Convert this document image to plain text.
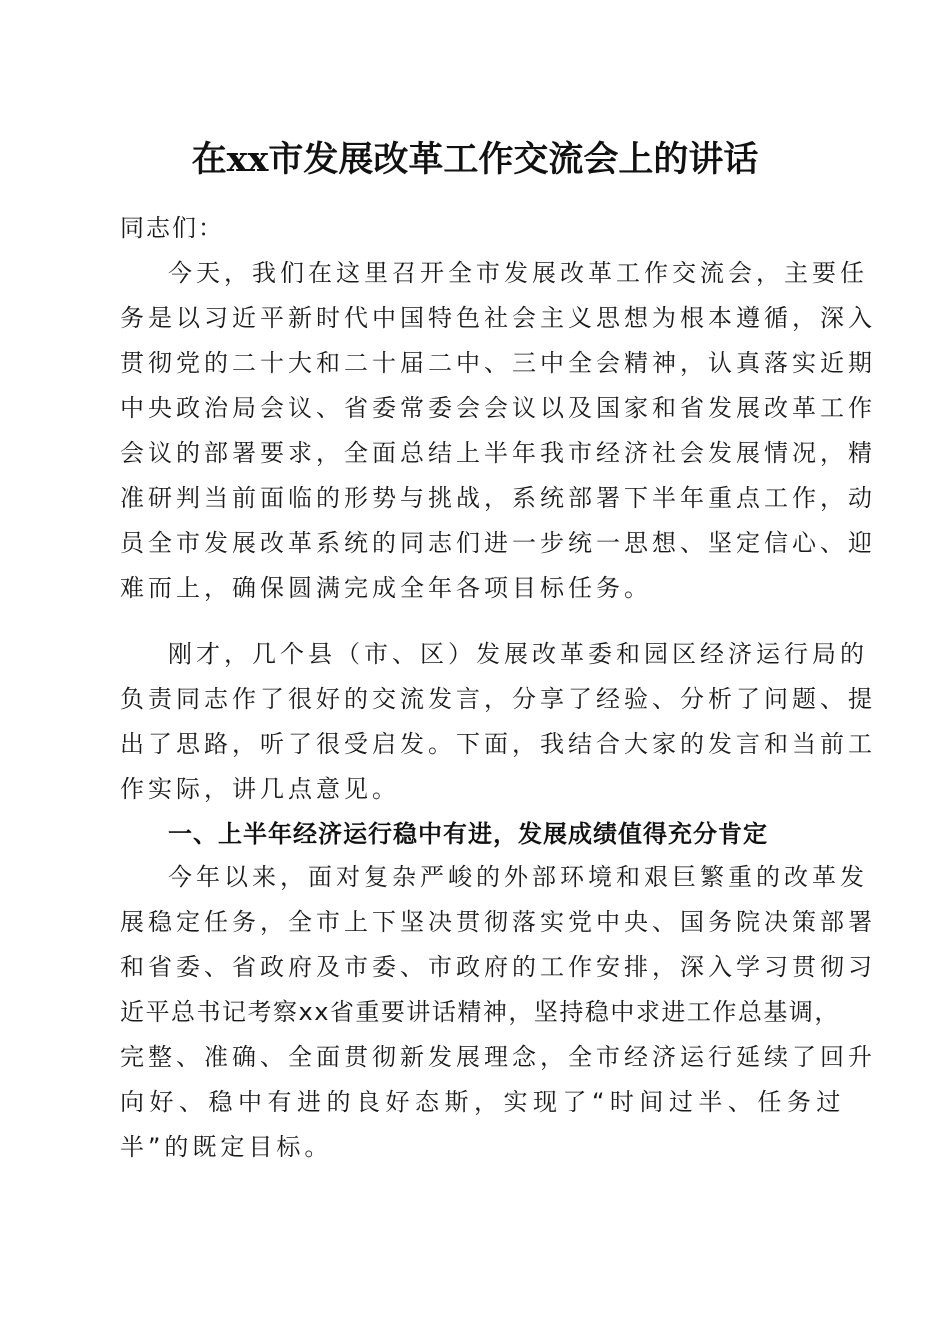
在xx市发展改革工作交流会上的讲话
同志们：
今天，我们在这里召开全市发展改革工作交流会，主要任
务是以习近平新时代中国特色社会主义思想为根本遵循，深入
贯彻党的二十大和二十届二中、三中全会精神，认真落实近期
中央政治局会议、省委常委会会议以及国家和省发展改革工作
会议的部署要求，全面总结上半年我市经济社会发展情况，精
准研判当前面临的形势与挑战，系统部署下半年重点工作，动
员全市发展改革系统的同志们进一步统一思想、坚定信心、迎
难而上，确保圆满完成全年各项目标任务。
刚才，几个县（市、区）发展改革委和园区经济运行局的
负责同志作了很好的交流发言，分享了经验、分析了问题、提
出了思路，听了很受启发。下面，我结合大家的发言和当前工
作实际，讲几点意见。
一、上半年经济运行稳中有进，发展成绩值得充分肯定
今年以来，面对复杂严峻的外部环境和艰巨繁重的改革发
展稳定任务，全市上下坚决贯彻落实党中央、国务院决策部署
和省委、省政府及市委、市政府的工作安排，深入学习贯彻习
近平总书记考察xx省重要讲话精神，坚持稳中求进工作总基调，
完整、准确、全面贯彻新发展理念，全市经济运行延续了回升
向好、稳中有进的良好态斯，实现了“时间过半、任务过
半”的既定目标。
